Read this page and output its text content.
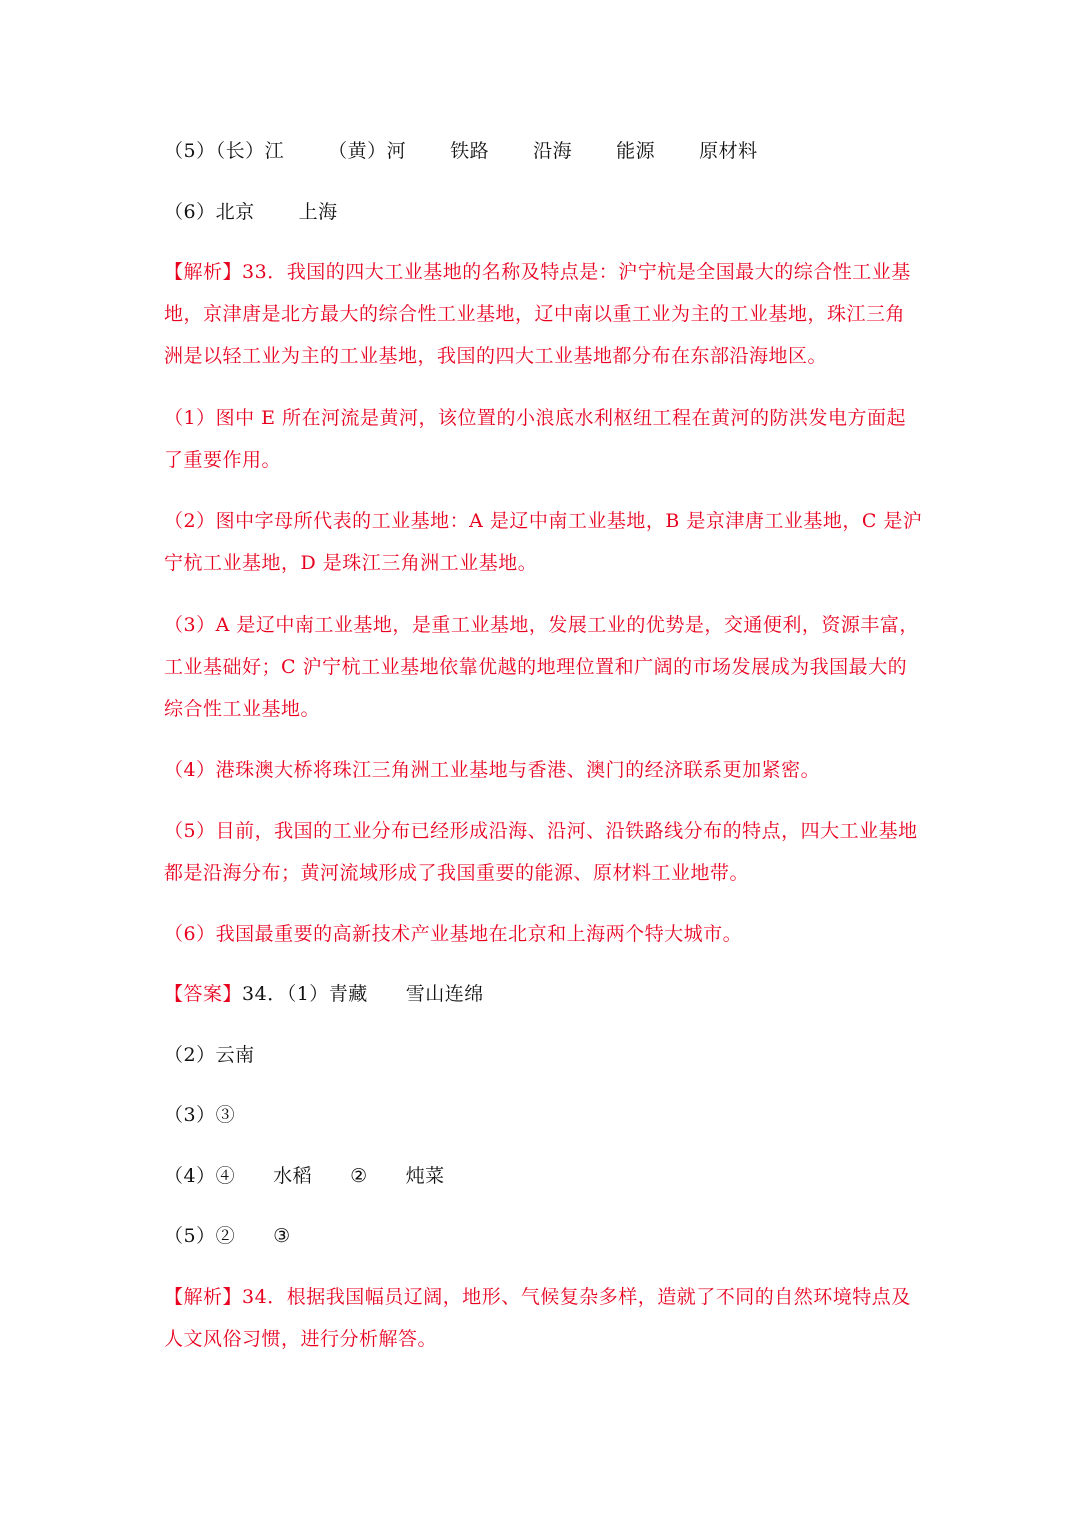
（5）（长）江 （黄）河 铁路 沿海 能源 原材料
（6）北京 上海
【解析】33．我国的四大工业基地的名称及特点是：沪宁杭是全国最大的综合性工业基地，京津唐是北方最大的综合性工业基地，辽中南以重工业为主的工业基地，珠江三角洲是以轻工业为主的工业基地，我国的四大工业基地都分布在东部沿海地区。
（1）图中 E 所在河流是黄河，该位置的小浪底水利枢纽工程在黄河的防洪发电方面起了重要作用。
（2）图中字母所代表的工业基地：A 是辽中南工业基地，B 是京津唐工业基地，C 是沪宁杭工业基地，D 是珠江三角洲工业基地。
（3）A 是辽中南工业基地，是重工业基地，发展工业的优势是，交通便利，资源丰富，工业基础好；C 沪宁杭工业基地依靠优越的地理位置和广阔的市场发展成为我国最大的综合性工业基地。
（4）港珠澳大桥将珠江三角洲工业基地与香港、澳门的经济联系更加紧密。
（5）目前，我国的工业分布已经形成沿海、沿河、沿铁路线分布的特点，四大工业基地都是沿海分布；黄河流域形成了我国重要的能源、原材料工业地带。
（6）我国最重要的高新技术产业基地在北京和上海两个特大城市。
【答案】34．（1）青藏 雪山连绵
（2）云南
（3）③
（4）④ 水稻 ② 炖菜
（5）② ③
【解析】34．根据我国幅员辽阔，地形、气候复杂多样，造就了不同的自然环境特点及人文风俗习惯，进行分析解答。
